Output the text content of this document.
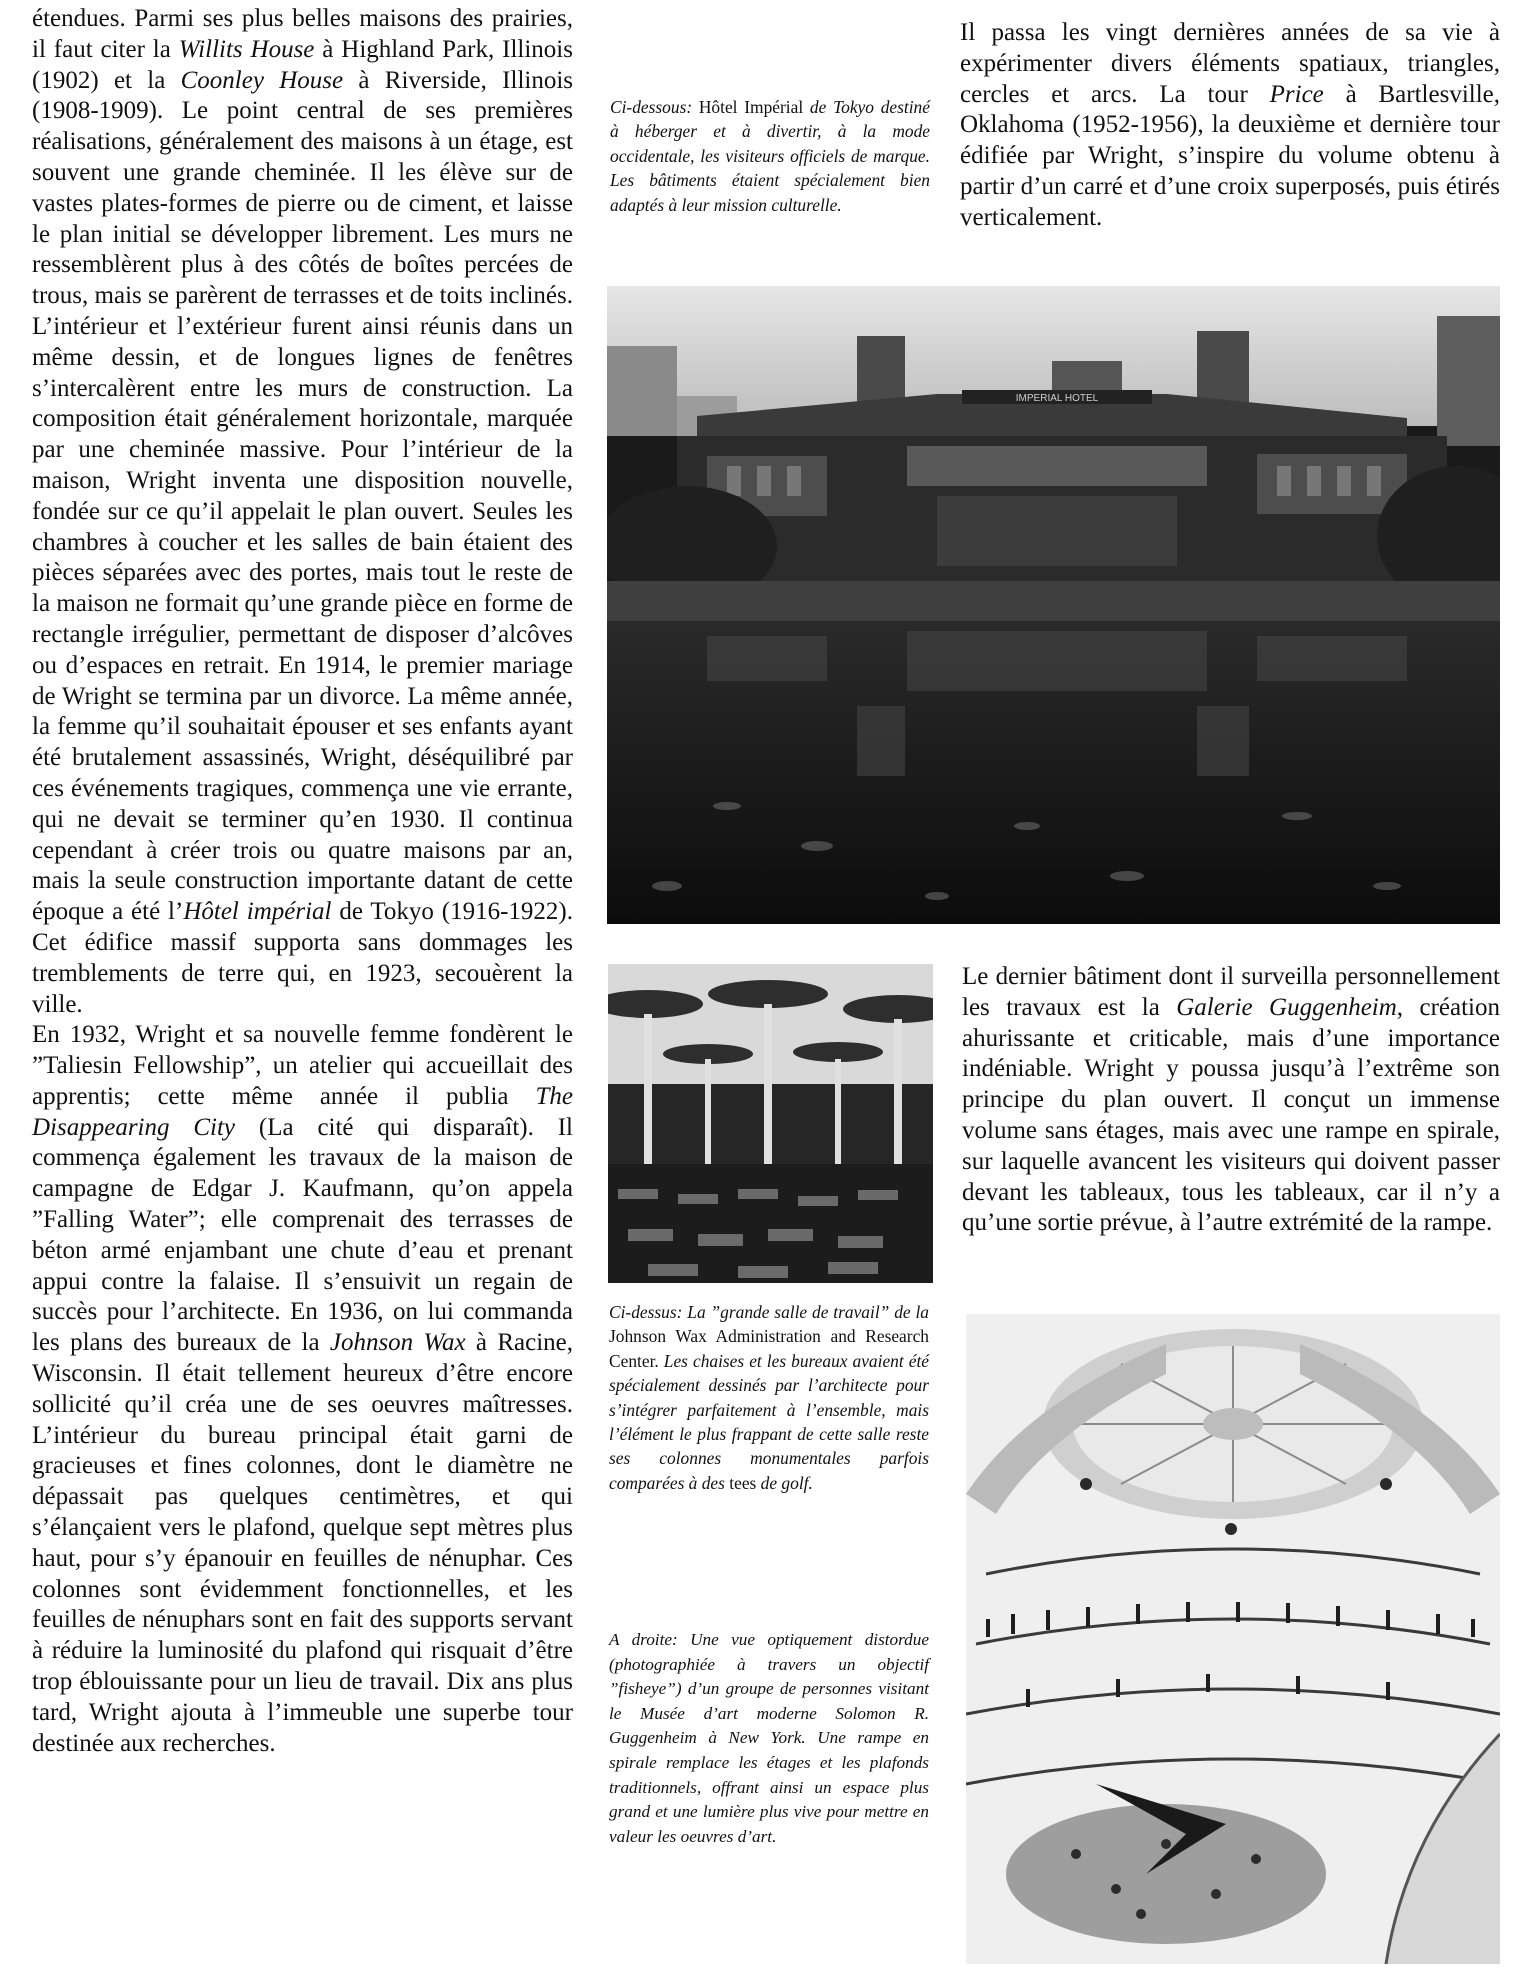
étendues. Parmi ses plus belles maisons des prairies, il faut citer la Willits House à Highland Park, Illinois (1902) et la Coonley House à Riverside, Illinois (1908-1909). Le point central de ses premières réalisations, généralement des maisons à un étage, est souvent une grande cheminée. Il les élève sur de vastes plates-formes de pierre ou de ciment, et laisse le plan initial se développer librement. Les murs ne ressemblèrent plus à des côtés de boîtes percées de trous, mais se parèrent de terrasses et de toits inclinés. L’intérieur et l’extérieur furent ainsi réunis dans un même dessin, et de longues lignes de fenêtres s’intercalèrent entre les murs de construction. La composition était généralement horizontale, marquée par une cheminée massive. Pour l’intérieur de la maison, Wright inventa une disposition nouvelle, fondée sur ce qu’il appelait le plan ouvert. Seules les chambres à coucher et les salles de bain étaient des pièces séparées avec des portes, mais tout le reste de la maison ne formait qu’une grande pièce en forme de rectangle irrégulier, permettant de disposer d’alcôves ou d’espaces en retrait. En 1914, le premier mariage de Wright se termina par un divorce. La même année, la femme qu’il souhaitait épouser et ses enfants ayant été brutalement assassinés, Wright, déséquilibré par ces événements tragiques, commença une vie errante, qui ne devait se terminer qu’en 1930. Il continua cependant à créer trois ou quatre maisons par an, mais la seule construction importante datant de cette époque a été l’Hôtel impérial de Tokyo (1916-1922). Cet édifice massif supporta sans dommages les tremblements de terre qui, en 1923, secouèrent la ville.

En 1932, Wright et sa nouvelle femme fondèrent le ”Taliesin Fellowship”, un atelier qui accueillait des apprentis; cette même année il publia The Disappearing City (La cité qui disparaît). Il commença également les travaux de la maison de campagne de Edgar J. Kaufmann, qu’on appela ”Falling Water”; elle comprenait des terrasses de béton armé enjambant une chute d’eau et prenant appui contre la falaise. Il s’ensuivit un regain de succès pour l’architecte. En 1936, on lui commanda les plans des bureaux de la Johnson Wax à Racine, Wisconsin. Il était tellement heureux d’être encore sollicité qu’il créa une de ses oeuvres maîtresses. L’intérieur du bureau principal était garni de gracieuses et fines colonnes, dont le diamètre ne dépassait pas quelques centimètres, et qui s’élançaient vers le plafond, quelque sept mètres plus haut, pour s’y épanouir en feuilles de nénuphar. Ces colonnes sont évidemment fonctionnelles, et les feuilles de nénuphars sont en fait des supports servant à réduire la luminosité du plafond qui risquait d’être trop éblouissante pour un lieu de travail. Dix ans plus tard, Wright ajouta à l’immeuble une superbe tour destinée aux recherches.

Ci-dessous: Hôtel Impérial de Tokyo destiné à héberger et à divertir, à la mode occidentale, les visiteurs officiels de marque. Les bâtiments étaient spécialement bien adaptés à leur mission culturelle.

Il passa les vingt dernières années de sa vie à expérimenter divers éléments spatiaux, triangles, cercles et arcs. La tour Price à Bartlesville, Oklahoma (1952-1956), la deuxième et dernière tour édifiée par Wright, s’inspire du volume obtenu à partir d’un carré et d’une croix superposés, puis étirés verticalement.

IMPERIAL HOTEL
Ci-dessus: La ”grande salle de travail” de la Johnson Wax Administration and Research Center. Les chaises et les bureaux avaient été spécialement dessinés par l’architecte pour s’intégrer parfaitement à l’ensemble, mais l’élément le plus frappant de cette salle reste ses colonnes monumentales parfois comparées à des tees de golf.
A droite: Une vue optiquement distordue (photographiée à travers un objectif ”fisheye”) d’un groupe de personnes visitant le Musée d’art moderne Solomon R. Guggenheim à New York. Une rampe en spirale remplace les étages et les plafonds traditionnels, offrant ainsi un espace plus grand et une lumière plus vive pour mettre en valeur les oeuvres d’art.

Le dernier bâtiment dont il surveilla personnellement les travaux est la Galerie Guggenheim, création ahurissante et criticable, mais d’une importance indéniable. Wright y poussa jusqu’à l’extrême son principe du plan ouvert. Il conçut un immense volume sans étages, mais avec une rampe en spirale, sur laquelle avancent les visiteurs qui doivent passer devant les tableaux, tous les tableaux, car il n’y a qu’une sortie prévue, à l’autre extrémité de la rampe.
